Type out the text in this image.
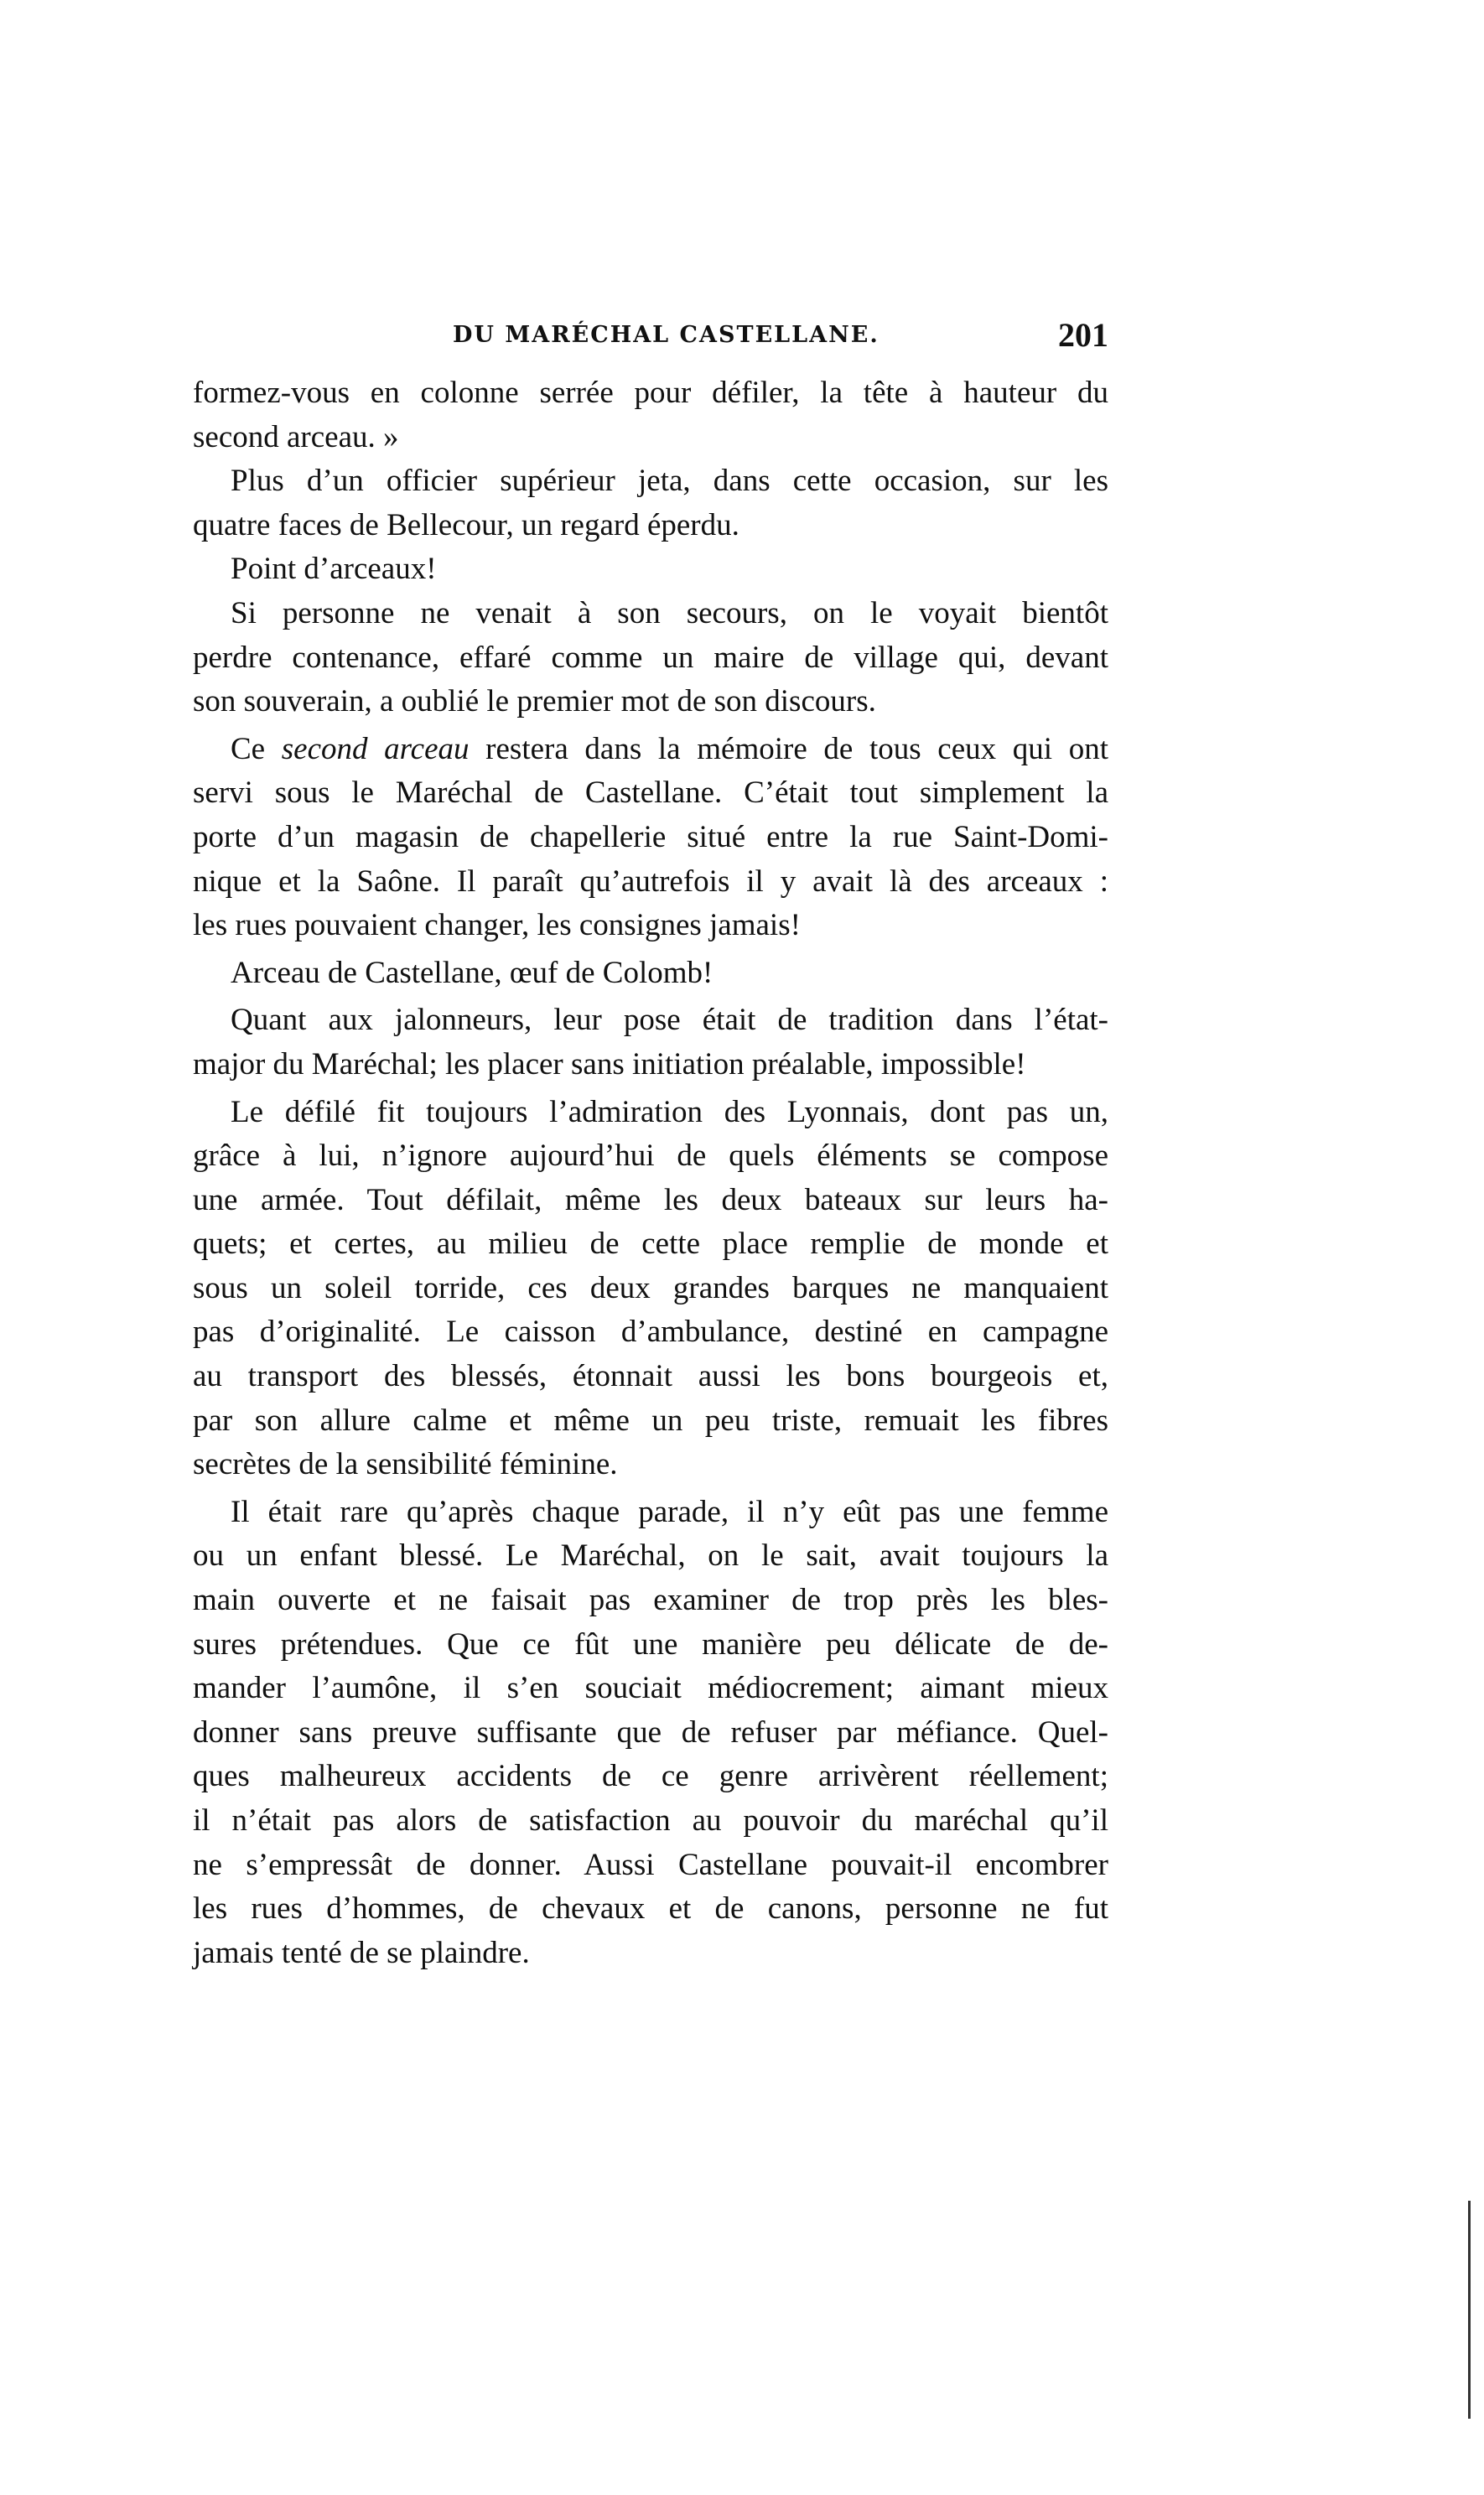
DU MARÉCHAL CASTELLANE.	201

formez-vous en colonne serrée pour défiler, la tête à hauteur du
second arceau. »

Plus d’un officier supérieur jeta, dans cette occasion, sur les
quatre faces de Bellecour, un regard éperdu.

Point d’arceaux!

Si personne ne venait à son secours, on le voyait bientôt
perdre contenance, effaré comme un maire de village qui, devant
son souverain, a oublié le premier mot de son discours.

Ce second arceau restera dans la mémoire de tous ceux qui ont
servi sous le Maréchal de Castellane. C’était tout simplement la
porte d’un magasin de chapellerie situé entre la rue Saint-Domi-
nique et la Saône. Il paraît qu’autrefois il y avait là des arceaux :
les rues pouvaient changer, les consignes jamais!

Arceau de Castellane, œuf de Colomb!

Quant aux jalonneurs, leur pose était de tradition dans l’état-
major du Maréchal; les placer sans initiation préalable, impossible!

Le défilé fit toujours l’admiration des Lyonnais, dont pas un,
grâce à lui, n’ignore aujourd’hui de quels éléments se compose
une armée. Tout défilait, même les deux bateaux sur leurs ha-
quets; et certes, au milieu de cette place remplie de monde et
sous un soleil torride, ces deux grandes barques ne manquaient
pas d’originalité. Le caisson d’ambulance, destiné en campagne
au transport des blessés, étonnait aussi les bons bourgeois et,
par son allure calme et même un peu triste, remuait les fibres
secrètes de la sensibilité féminine.

Il était rare qu’après chaque parade, il n’y eût pas une femme
ou un enfant blessé. Le Maréchal, on le sait, avait toujours la
main ouverte et ne faisait pas examiner de trop près les bles-
sures prétendues. Que ce fût une manière peu délicate de de-
mander l’aumône, il s’en souciait médiocrement; aimant mieux
donner sans preuve suffisante que de refuser par méfiance. Quel-
ques malheureux accidents de ce genre arrivèrent réellement;
il n’était pas alors de satisfaction au pouvoir du maréchal qu’il
ne s’empressât de donner. Aussi Castellane pouvait-il encombrer
les rues d’hommes, de chevaux et de canons, personne ne fut
jamais tenté de se plaindre.
